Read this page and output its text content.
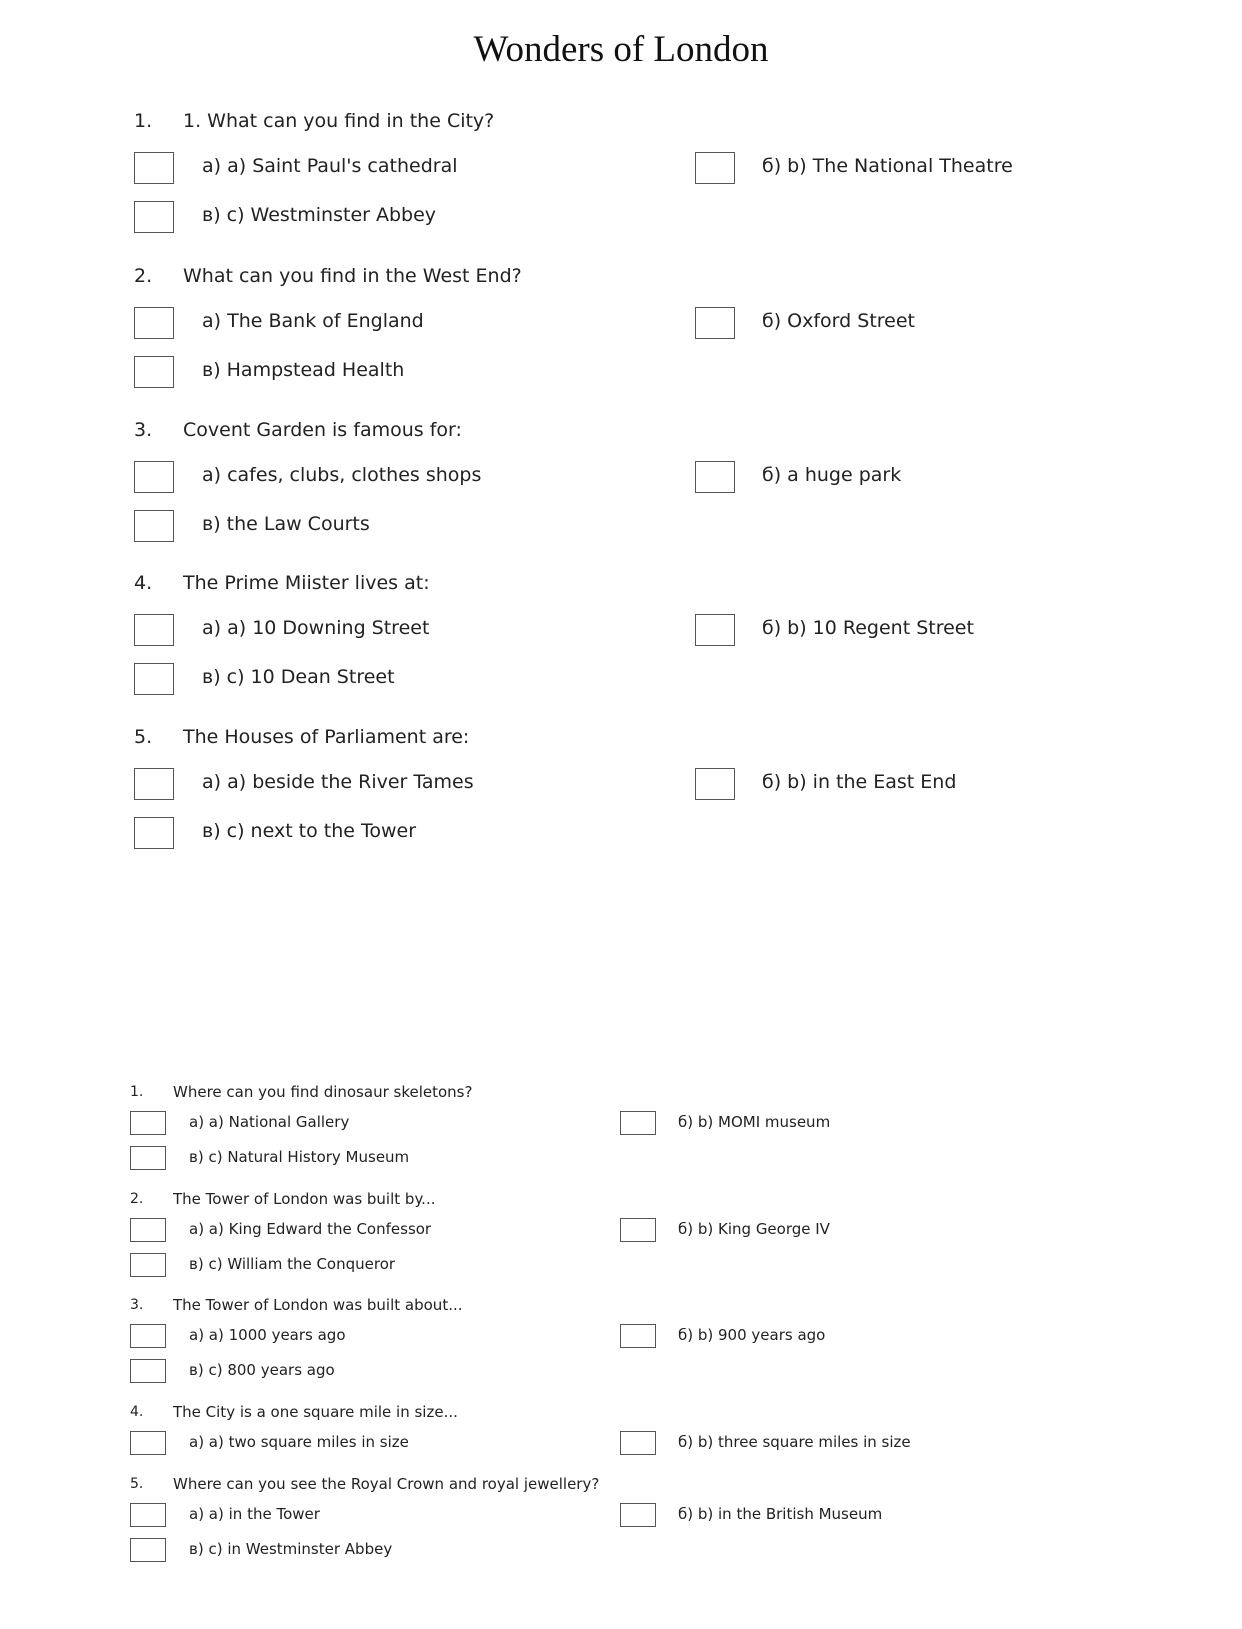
Wonders of London
1. 1. What can you find in the City?
a) a) Saint Paul's cathedral	б) b) The National Theatre
в) c) Westminster Abbey
2. What can you find in the West End?
a) The Bank of England	б) Oxford Street
в) Hampstead Health
3. Covent Garden is famous for:
a) cafes, clubs, clothes shops	б) a huge park
в) the Law Courts
4. The Prime Miister lives at:
a) a) 10 Downing Street	б) b) 10 Regent Street
в) c) 10 Dean Street
5. The Houses of Parliament are:
a) a) beside the River Tames	б) b) in the East End
в) c) next to the Tower
1. Where can you find dinosaur skeletons?
a) a) National Gallery	б) b) MOMI museum
в) c) Natural History Museum
2. The Tower of London was built by...
a) a) King Edward the Confessor	б) b) King George IV
в) c) William the Conqueror
3. The Tower of London was built about...
a) a) 1000 years ago	б) b) 900 years ago
в) c) 800 years ago
4. The City is a one square mile in size...
a) a) two square miles in size	б) b) three square miles in size
5. Where can you see the Royal Crown and royal jewellery?
a) a) in the Tower	б) b) in the British Museum
в) c) in Westminster Abbey
